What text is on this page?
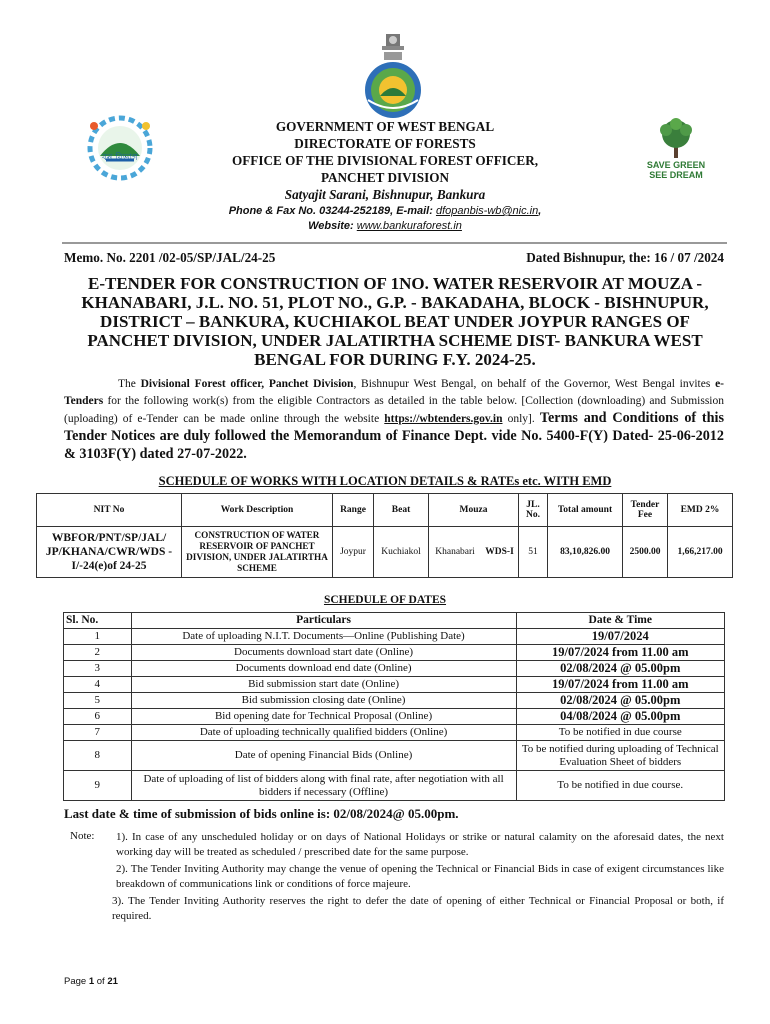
বন বিভাগ
SAVE GREEN
SEE DREAM
GOVERNMENT OF WEST BENGAL
DIRECTORATE OF FORESTS
OFFICE OF THE DIVISIONAL FOREST OFFICER,
PANCHET DIVISION
Satyajit Sarani, Bishnupur, Bankura
Phone & Fax No. 03244-252189, E-mail: dfopanbis-wb@nic.in,
Website: www.bankuraforest.in
Memo. No. 2201 /02-05/SP/JAL/24-25	Dated Bishnupur, the: 16 / 07 /2024
E-TENDER FOR CONSTRUCTION OF 1NO. WATER RESERVOIR AT MOUZA - KHANABARI, J.L. NO. 51, PLOT NO., G.P. - BAKADAHA, BLOCK - BISHNUPUR, DISTRICT – BANKURA, KUCHIAKOL BEAT UNDER JOYPUR RANGES OF PANCHET DIVISION, UNDER JALATIRTHA SCHEME DIST- BANKURA WEST BENGAL FOR DURING F.Y. 2024-25.
The Divisional Forest officer, Panchet Division, Bishnupur West Bengal, on behalf of the Governor, West Bengal invites e-Tenders for the following work(s) from the eligible Contractors as detailed in the table below. [Collection (downloading) and Submission (uploading) of e-Tender can be made online through the website https://wbtenders.gov.in only]. Terms and Conditions of this Tender Notices are duly followed the Memorandum of Finance Dept. vide No. 5400-F(Y) Dated- 25-06-2012 & 3103F(Y) dated 27-07-2022.
SCHEDULE OF WORKS WITH LOCATION DETAILS & RATEs etc. WITH EMD
NIT No	Work Description	Range	Beat	Mouza		JL. No.	Total amount	Tender Fee	EMD 2%
WBFOR/PNT/SP/JAL/ JP/KHANA/CWR/WDS -I/-24(e)of 24-25	CONSTRUCTION OF WATER RESERVOIR OF PANCHET DIVISION, UNDER JALATIRTHA SCHEME	Joypur	Kuchiakol	Khanabari	WDS-I	51	83,10,826.00	2500.00	1,66,217.00
SCHEDULE OF DATES
Sl. No.	Particulars	Date & Time
1	Date of uploading N.I.T. Documents—Online (Publishing Date)	19/07/2024
2	Documents download start date (Online)	19/07/2024 from 11.00 am
3	Documents download end date (Online)	02/08/2024 @ 05.00pm
4	Bid submission start date (Online)	19/07/2024 from 11.00 am
5	Bid submission closing date (Online)	02/08/2024 @ 05.00pm
6	Bid opening date for Technical Proposal (Online)	04/08/2024 @ 05.00pm
7	Date of uploading technically qualified bidders (Online)	To be notified in due course
8	Date of opening Financial Bids (Online)	To be notified during uploading of Technical Evaluation Sheet of bidders
9	Date of uploading of list of bidders along with final rate, after negotiation with all bidders if necessary (Offline)	To be notified in due course.
Last date & time of submission of bids online is: 02/08/2024@ 05.00pm.
Note: 1). In case of any unscheduled holiday or on days of National Holidays or strike or natural calamity on the aforesaid dates, the next working day will be treated as scheduled / prescribed date for the same purpose.
2). The Tender Inviting Authority may change the venue of opening the Technical or Financial Bids in case of exigent circumstances like breakdown of communications link or conditions of force majeure.
3). The Tender Inviting Authority reserves the right to defer the date of opening of either Technical or Financial Proposal or both, if required.
Page 1 of 21
